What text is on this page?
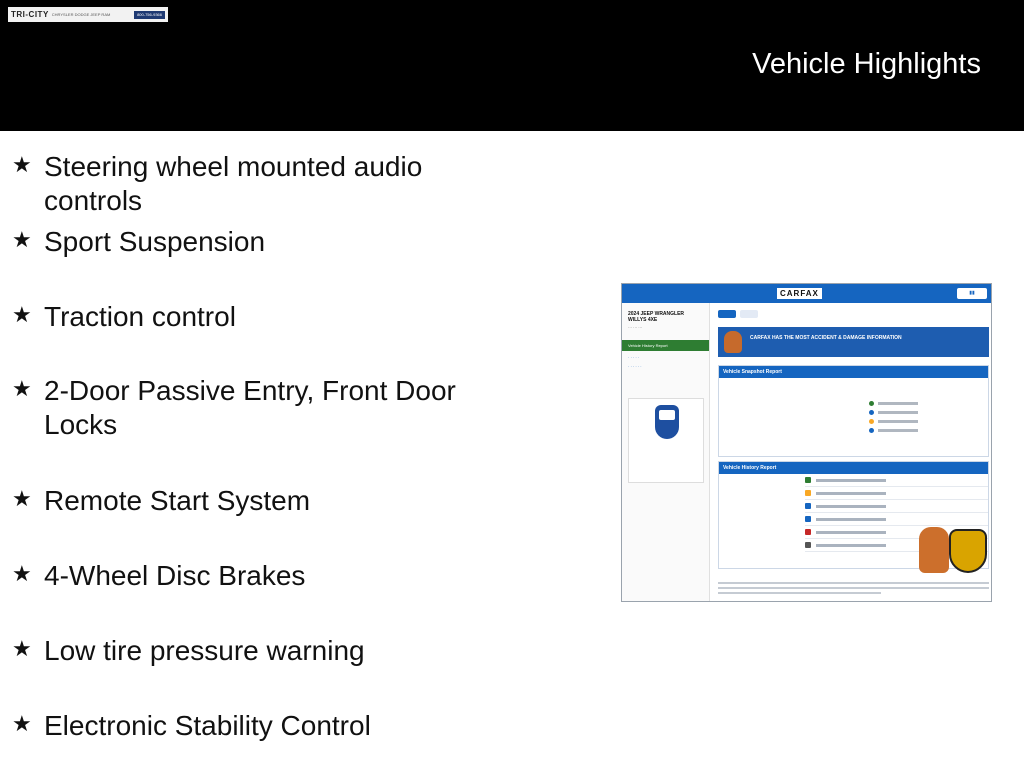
TRI-CITY CHRYSLER DODGE JEEP RAM	800-756-9366
Vehicle Highlights
★ Steering wheel mounted audio controls
★ Sport Suspension
★ Traction control
★ 2-Door Passive Entry, Front Door Locks
★ Remote Start System
★ 4-Wheel Disc Brakes
★ Low tire pressure warning
★ Electronic Stability Control
CARFAX	▮▮
2024 JEEP WRANGLER WILLYS 4XE
··· ··· ···
Vehicle History Report
· · · · ·
· · · · · ·
CARFAX HAS THE MOST ACCIDENT & DAMAGE INFORMATION
Vehicle Snapshot Report
Vehicle History Report
